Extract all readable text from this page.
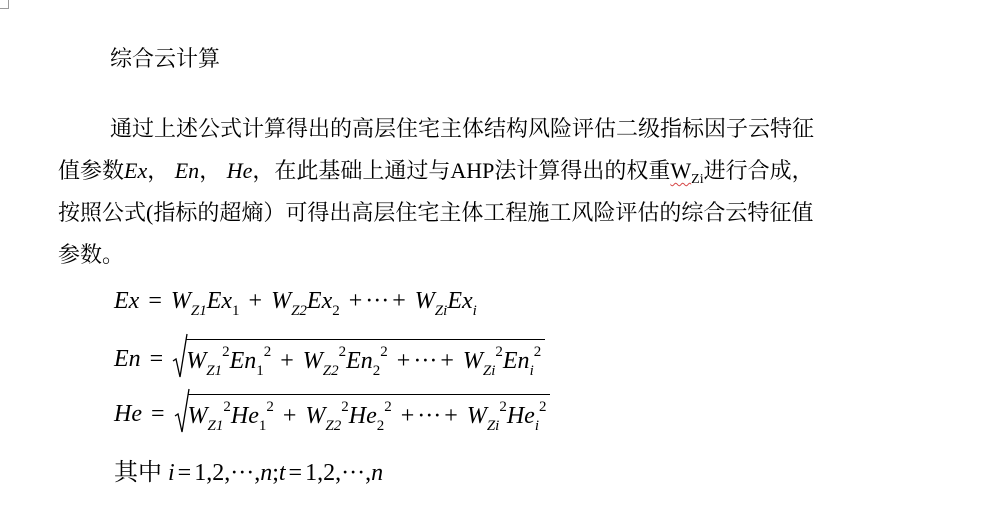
综合云计算
通过上述公式计算得出的高层住宅主体结构风险评估二级指标因子云特征
值参数Ex， En， He，在此基础上通过与AHP法计算得出的权重$W_{Zi}$进行合成，
按照公式(指标的超熵）可得出高层住宅主体工程施工风险评估的综合云特征值
参数。
$Ex = W_{Z1}Ex_1 + W_{Z2}Ex_2$ + ··· + $W_{Zi}Ex_i$
$En = W_{Z1}^2En_1^2 + W_{Z2}^2En_2^2$ + ··· + $W_{Zi}^2En_i^2$
$He = W_{Z1}^2He_1^2 + W_{Z2}^2He_2^2$ + ··· + $W_{Zi}^2He_i^2$
其中 i = 1,2,···,n;t = 1,2,···,n
